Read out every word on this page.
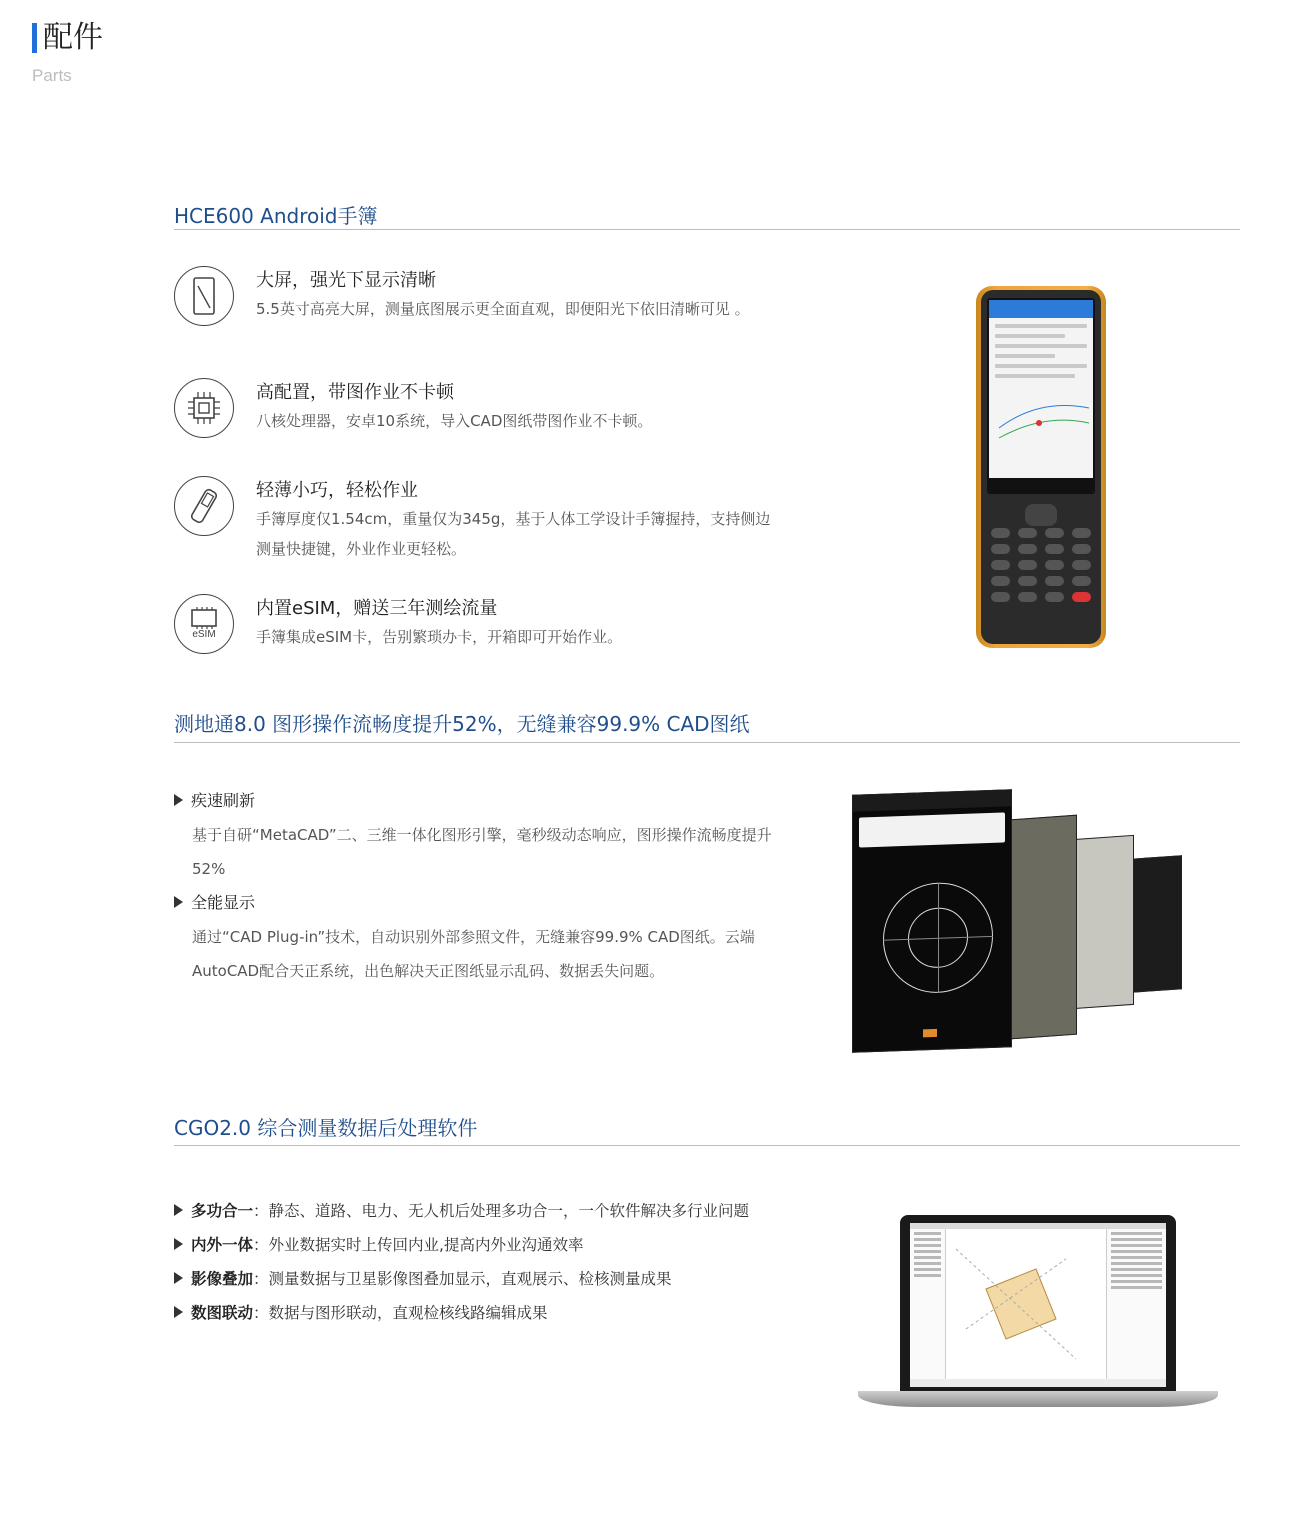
配件
Parts
HCE600 Android手簿
大屏，强光下显示清晰
5.5英寸高亮大屏，测量底图展示更全面直观，即便阳光下依旧清晰可见 。
高配置，带图作业不卡顿
八核处理器，安卓10系统，导入CAD图纸带图作业不卡顿。
轻薄小巧，轻松作业
手簿厚度仅1.54cm，重量仅为345g，基于人体工学设计手簿握持，支持侧边测量快捷键，外业作业更轻松。
eSIM
内置eSIM，赠送三年测绘流量
手簿集成eSIM卡，告别繁琐办卡，开箱即可开始作业。
测地通8.0 图形操作流畅度提升52%，无缝兼容99.9% CAD图纸
疾速刷新
基于自研“MetaCAD”二、三维一体化图形引擎，毫秒级动态响应，图形操作流畅度提升52%
全能显示
通过“CAD Plug-in”技术，自动识别外部参照文件，无缝兼容99.9% CAD图纸。云端AutoCAD配合天正系统，出色解决天正图纸显示乱码、数据丢失问题。
CGO2.0 综合测量数据后处理软件
多功合一：静态、道路、电力、无人机后处理多功合一，一个软件解决多行业问题
内外一体：外业数据实时上传回内业,提高内外业沟通效率
影像叠加：测量数据与卫星影像图叠加显示，直观展示、检核测量成果
数图联动：数据与图形联动，直观检核线路编辑成果
